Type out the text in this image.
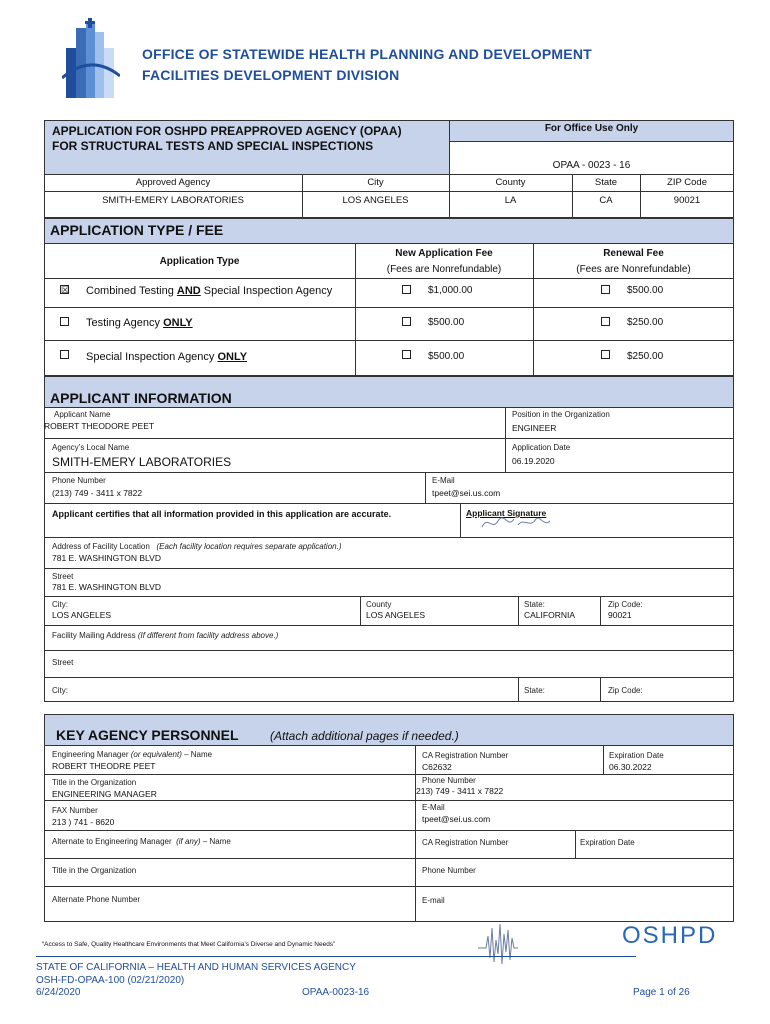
OFFICE OF STATEWIDE HEALTH PLANNING AND DEVELOPMENT
FACILITIES DEVELOPMENT DIVISION
APPLICATION FOR OSHPD PREAPPROVED AGENCY (OPAA)
FOR STRUCTURAL TESTS AND SPECIAL INSPECTIONS
For Office Use Only
OPAA - 0023 - 16
Approved Agency	City	County	State	ZIP Code
SMITH-EMERY LABORATORIES	LOS ANGELES	LA	CA	90021
APPLICATION TYPE / FEE
Application Type
New Application Fee
(Fees are Nonrefundable)
Renewal Fee
(Fees are Nonrefundable)
☒ Combined Testing AND Special Inspection Agency	$1,000.00	$500.00
Testing Agency ONLY	$500.00	$250.00
Special Inspection Agency ONLY	$500.00	$250.00
APPLICANT INFORMATION
Applicant Name
ROBERT THEODORE PEET
Position in the Organization
ENGINEER
Agency’s Local Name
SMITH-EMERY LABORATORIES
Application Date
06.19.2020
Phone Number
(213) 749 - 3411 x 7822
E-Mail
tpeet@sei.us.com
Applicant certifies that all information provided in this application are accurate.	Applicant Signature
Address of Facility Location (Each facility location requires separate application.)
781 E. WASHINGTON BLVD
Street
781 E. WASHINGTON BLVD
City:
LOS ANGELES
County
LOS ANGELES
State:
CALIFORNIA
Zip Code:
90021
Facility Mailing Address (If different from facility address above.)
Street
City:	State:	Zip Code:
KEY AGENCY PERSONNEL	(Attach additional pages if needed.)
Engineering Manager (or equivalent) – Name
ROBERT THEODRE PEET
CA Registration Number
C62632
Expiration Date
06.30.2022
Title in the Organization
ENGINEERING MANAGER
Phone Number
213) 749 - 3411 x 7822
FAX Number
213 ) 741 - 8620
E-Mail
tpeet@sei.us.com
Alternate to Engineering Manager (if any) – Name	CA Registration Number	Expiration Date
Title in the Organization	Phone Number
Alternate Phone Number	E-mail
“Access to Safe, Quality Healthcare Environments that Meet California’s Diverse and Dynamic Needs”	OSHPD
STATE OF CALIFORNIA – HEALTH AND HUMAN SERVICES AGENCY
OSH-FD-OPAA-100 (02/21/2020)
6/24/2020	OPAA-0023-16	Page 1 of 26
